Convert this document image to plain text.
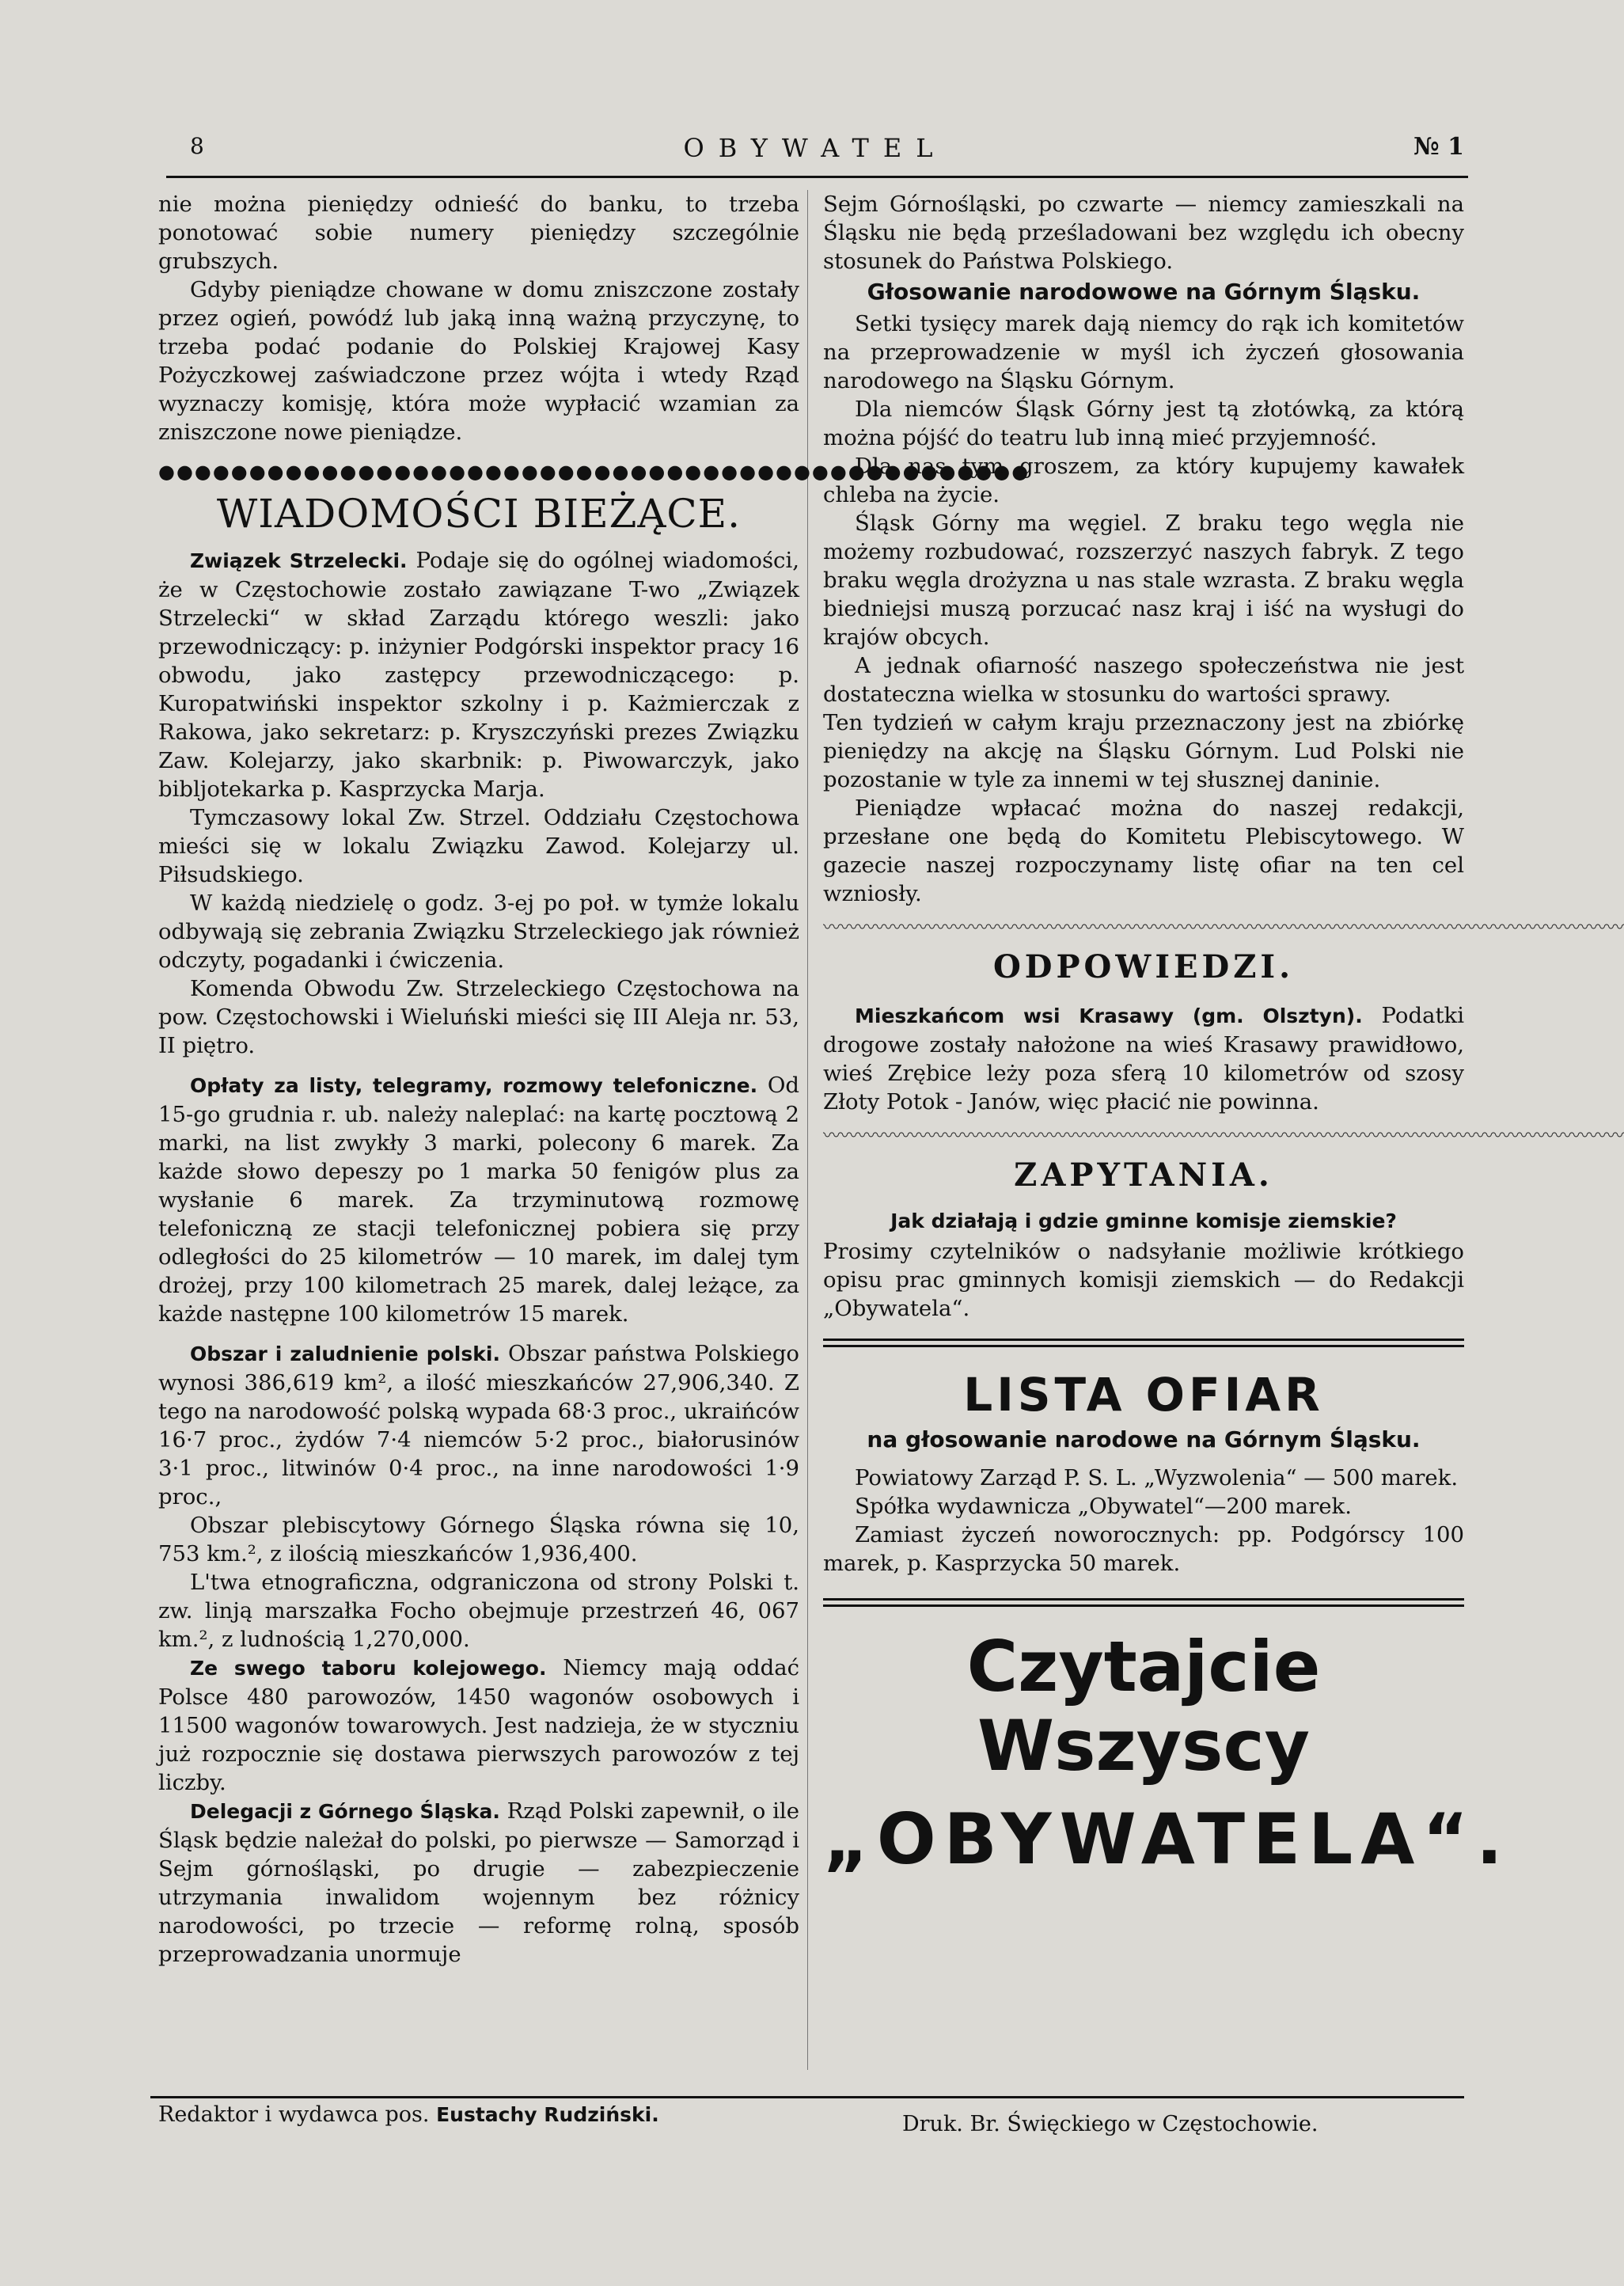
8	OBYWATEL	№ 1

nie można pieniędzy odnieść do banku, to trzeba ponotować sobie numery pieniędzy szczególnie grubszych.

Gdyby pieniądze chowane w domu zniszczone zostały przez ogień, powódź lub jaką inną ważną przyczynę, to trzeba podać podanie do Polskiej Krajowej Kasy Pożyczkowej zaświadczone przez wójta i wtedy Rząd wyznaczy komisję, która może wypłacić wzamian za zniszczone nowe pieniądze.

●●●●●●●●●●●●●●●●●●●●●●●●●●●●●●●●●●●●●●●●●●●●●●●●
WIADOMOŚCI BIEŻĄCE.

Związek Strzelecki. Podaje się do ogólnej wiadomości, że w Częstochowie zostało zawiązane T-wo „Związek Strzelecki“ w skład Zarządu którego weszli: jako przewodniczący: p. inżynier Podgórski inspektor pracy 16 obwodu, jako zastępcy przewodniczącego: p. Kuropatwiński inspektor szkolny i p. Każmierczak z Rakowa, jako sekretarz: p. Kryszczyński prezes Związku Zaw. Kolejarzy, jako skarbnik: p. Piwowarczyk, jako bibljotekarka p. Kasprzycka Marja.

Tymczasowy lokal Zw. Strzel. Oddziału Częstochowa mieści się w lokalu Związku Zawod. Kolejarzy ul. Piłsudskiego.

W każdą niedzielę o godz. 3-ej po poł. w tymże lokalu odbywają się zebrania Związku Strzeleckiego jak również odczyty, pogadanki i ćwiczenia.

Komenda Obwodu Zw. Strzeleckiego Częstochowa na pow. Częstochowski i Wieluński mieści się III Aleja nr. 53, II piętro.

Opłaty za listy, telegramy, rozmowy telefoniczne. Od 15-go grudnia r. ub. należy naleplać: na kartę pocztową 2 marki, na list zwykły 3 marki, polecony 6 marek. Za każde słowo depeszy po 1 marka 50 fenigów plus za wysłanie 6 marek. Za trzyminutową rozmowę telefoniczną ze stacji telefonicznej pobiera się przy odległości do 25 kilometrów — 10 marek, im dalej tym drożej, przy 100 kilometrach 25 marek, dalej leżące, za każde następne 100 kilometrów 15 marek.

Obszar i zaludnienie polski. Obszar państwa Polskiego wynosi 386,619 km², a ilość mieszkańców 27,906,340. Z tego na narodowość polską wypada 68·3 proc., ukraińców 16·7 proc., żydów 7·4 niemców 5·2 proc., białorusinów 3·1 proc., litwinów 0·4 proc., na inne narodowości 1·9 proc.,

Obszar plebiscytowy Górnego Śląska równa się 10, 753 km.², z ilością mieszkańców 1,936,400.

L'twa etnograficzna, odgraniczona od strony Polski t. zw. linją marszałka Focho obejmuje przestrzeń 46, 067 km.², z ludnością 1,270,000.

Ze swego taboru kolejowego. Niemcy mają oddać Polsce 480 parowozów, 1450 wagonów osobowych i 11500 wagonów towarowych. Jest nadzieja, że w styczniu już rozpocznie się dostawa pierwszych parowozów z tej liczby.

Delegacji z Górnego Śląska. Rząd Polski zapewnił, o ile Śląsk będzie należał do polski, po pierwsze — Samorząd i Sejm górnośląski, po drugie — zabezpieczenie utrzymania inwalidom wojennym bez różnicy narodowości, po trzecie — reformę rolną, sposób przeprowadzania unormuje

Sejm Górnośląski, po czwarte — niemcy zamieszkali na Śląsku nie będą prześladowani bez względu ich obecny stosunek do Państwa Polskiego.

Głosowanie narodowowe na Górnym Śląsku.

Setki tysięcy marek dają niemcy do rąk ich komitetów na przeprowadzenie w myśl ich życzeń głosowania narodowego na Śląsku Górnym.

Dla niemców Śląsk Górny jest tą złotówką, za którą można pójść do teatru lub inną mieć przyjemność.

Dla nas tym groszem, za który kupujemy kawałek chleba na życie.

Śląsk Górny ma węgiel. Z braku tego węgla nie możemy rozbudować, rozszerzyć naszych fabryk. Z tego braku węgla drożyzna u nas stale wzrasta. Z braku węgla biedniejsi muszą porzucać nasz kraj i iść na wysługi do krajów obcych.

A jednak ofiarność naszego społeczeństwa nie jest dostateczna wielka w stosunku do wartości sprawy.

Ten tydzień w całym kraju przeznaczony jest na zbiórkę pieniędzy na akcję na Śląsku Górnym. Lud Polski nie pozostanie w tyle za innemi w tej słusznej daninie.

Pieniądze wpłacać można do naszej redakcji, przesłane one będą do Komitetu Plebiscytowego. W gazecie naszej rozpoczynamy listę ofiar na ten cel wzniosły.

〰〰〰〰〰〰〰〰〰〰〰〰〰〰〰〰〰〰〰〰〰〰〰〰〰〰〰〰〰〰〰〰〰〰〰〰〰〰〰〰〰〰〰〰〰〰
ODPOWIEDZI.

Mieszkańcom wsi Krasawy (gm. Olsztyn). Podatki drogowe zostały nałożone na wieś Krasawy prawidłowo, wieś Zrębice leży poza sferą 10 kilometrów od szosy Złoty Potok - Janów, więc płacić nie powinna.

〰〰〰〰〰〰〰〰〰〰〰〰〰〰〰〰〰〰〰〰〰〰〰〰〰〰〰〰〰〰〰〰〰〰〰〰〰〰〰〰〰〰〰〰〰〰
ZAPYTANIA.
Jak działają i gdzie gminne komisje ziemskie?

Prosimy czytelników o nadsyłanie możliwie krótkiego opisu prac gminnych komisji ziemskich — do Redakcji „Obywatela“.

LISTA OFIAR
na głosowanie narodowe na Górnym Śląsku.

Powiatowy Zarząd P. S. L. „Wyzwolenia“ — 500 marek.

Spółka wydawnicza „Obywatel“—200 marek.

Zamiast życzeń noworocznych: pp. Podgórscy 100 marek, p. Kasprzycka 50 marek.

Czytajcie Wszyscy
„OBYWATELA“.
Redaktor i wydawca pos. Eustachy Rudziński.	Druk. Br. Święckiego w Częstochowie.
